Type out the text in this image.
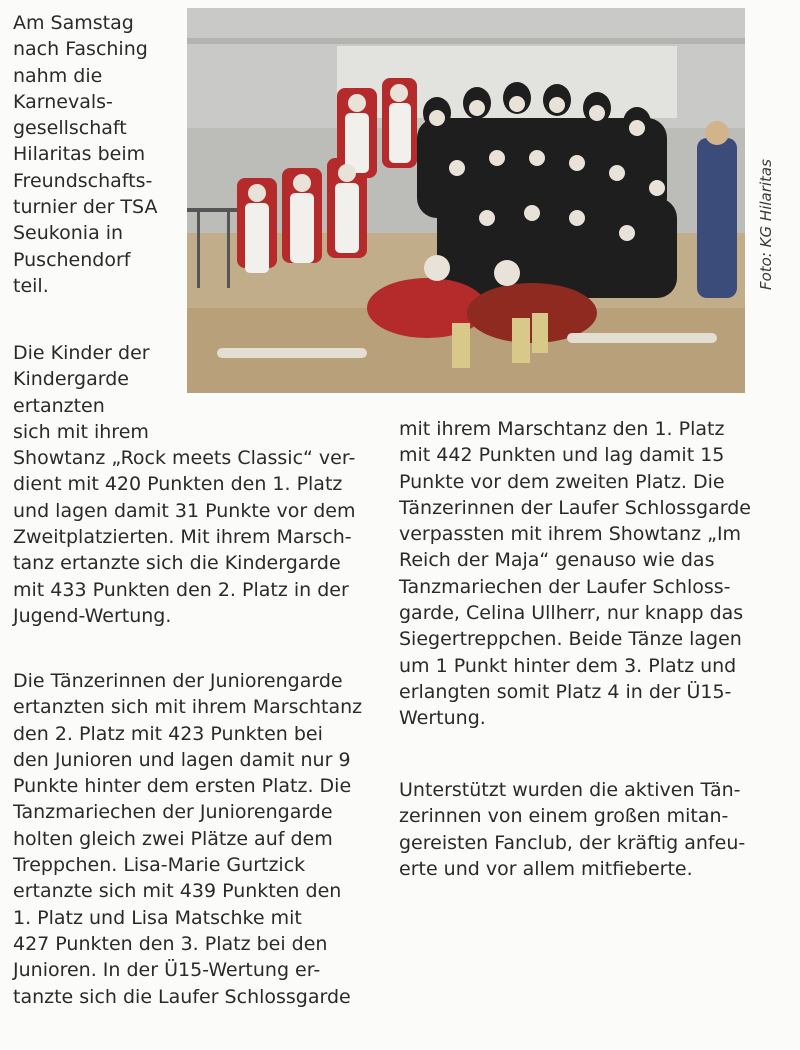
Am Samstag
nach Fasching
nahm die
Karnevals-
gesellschaft
Hilaritas beim
Freundschafts-
turnier der TSA
Seukonia in
Puschendorf
teil.
Die Kinder der
Kindergarde
ertanzten
sich mit ihrem
Showtanz „Rock meets Classic“ ver-
dient mit 420 Punkten den 1. Platz
und lagen damit 31 Punkte vor dem
Zweitplatzierten. Mit ihrem Marsch-
tanz ertanzte sich die Kindergarde
mit 433 Punkten den 2. Platz in der
Jugend-Wertung.
Die Tänzerinnen der Juniorengarde
ertanzten sich mit ihrem Marschtanz
den 2. Platz mit 423 Punkten bei
den Junioren und lagen damit nur 9
Punkte hinter dem ersten Platz. Die
Tanzmariechen der Juniorengarde
holten gleich zwei Plätze auf dem
Treppchen. Lisa-Marie Gurtzick
ertanzte sich mit 439 Punkten den
1. Platz und Lisa Matschke mit
427 Punkten den 3. Platz bei den
Junioren. In der Ü15-Wertung er-
tanzte sich die Laufer Schlossgarde
mit ihrem Marschtanz den 1. Platz
mit 442 Punkten und lag damit 15
Punkte vor dem zweiten Platz. Die
Tänzerinnen der Laufer Schlossgarde
verpassten mit ihrem Showtanz „Im
Reich der Maja“ genauso wie das
Tanzmariechen der Laufer Schloss-
garde, Celina Ullherr, nur knapp das
Siegertreppchen. Beide Tänze lagen
um 1 Punkt hinter dem 3. Platz und
erlangten somit Platz 4 in der Ü15-
Wertung.
Unterstützt wurden die aktiven Tän-
zerinnen von einem großen mitan-
gereisten Fanclub, der kräftig anfeu-
erte und vor allem mitfieberte.
Foto: KG Hilaritas
